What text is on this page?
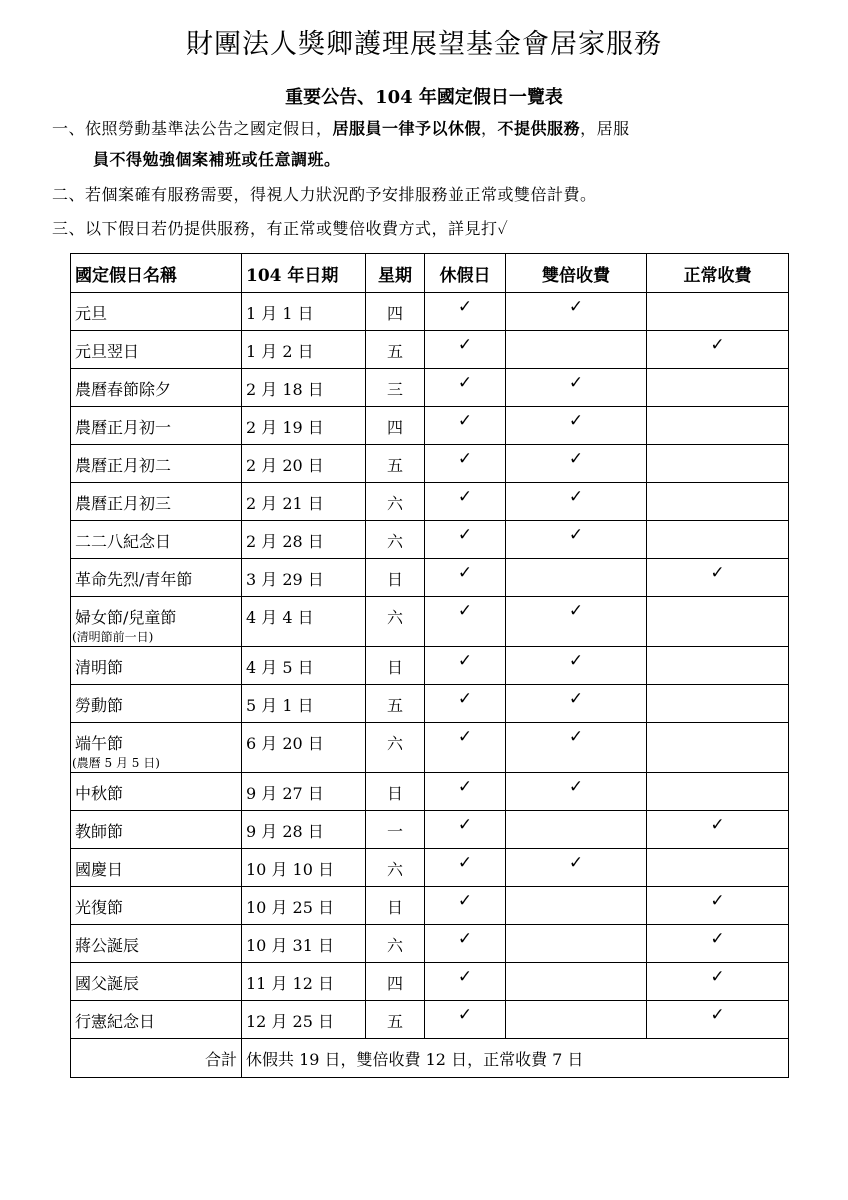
財團法人獎卿護理展望基金會居家服務
重要公告、104 年國定假日一覽表
一、依照勞動基準法公告之國定假日，居服員一律予以休假，不提供服務，居服
員不得勉強個案補班或任意調班。
二、若個案確有服務需要，得視人力狀況酌予安排服務並正常或雙倍計費。
三、以下假日若仍提供服務，有正常或雙倍收費方式，詳見打✓
國定假日名稱	104 年日期	星期	休假日	雙倍收費	正常收費
元旦	1 月 1 日	四	✓	✓	
元旦翌日	1 月 2 日	五	✓		✓
農曆春節除夕	2 月 18 日	三	✓	✓	
農曆正月初一	2 月 19 日	四	✓	✓	
農曆正月初二	2 月 20 日	五	✓	✓	
農曆正月初三	2 月 21 日	六	✓	✓	
二二八紀念日	2 月 28 日	六	✓	✓	
革命先烈/青年節	3 月 29 日	日	✓		✓
婦女節/兒童節
(清明節前一日)	4 月 4 日	六	✓	✓	
清明節	4 月 5 日	日	✓	✓	
勞動節	5 月 1 日	五	✓	✓	
端午節
(農曆 5 月 5 日)	6 月 20 日	六	✓	✓	
中秋節	9 月 27 日	日	✓	✓	
教師節	9 月 28 日	一	✓		✓
國慶日	10 月 10 日	六	✓	✓	
光復節	10 月 25 日	日	✓		✓
蔣公誕辰	10 月 31 日	六	✓		✓
國父誕辰	11 月 12 日	四	✓		✓
行憲紀念日	12 月 25 日	五	✓		✓
合計	休假共 19 日，雙倍收費 12 日，正常收費 7 日				
